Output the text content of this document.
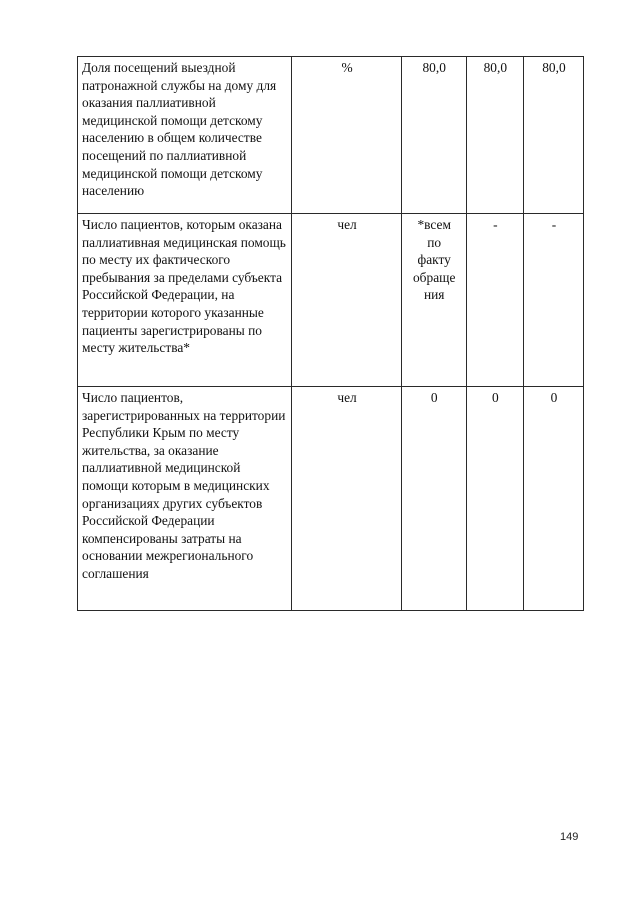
Доля посещений выездной патронажной службы на дому для оказания паллиативной медицинской помощи детскому населению в общем количестве посещений по паллиативной медицинской помощи детскому населению	%	80,0	80,0	80,0
Число пациентов, которым оказана паллиативная медицинская помощь по месту их фактического пребывания за пределами субъекта Российской Федерации, на территории которого указанные пациенты зарегистрированы по месту жительства*	чел	*всем по факту обращения	-	-
Число пациентов, зарегистрированных на территории Республики Крым по месту жительства, за оказание паллиативной медицинской помощи которым в медицинских организациях других субъектов Российской Федерации компенсированы затраты на основании межрегионального соглашения	чел	0	0	0
149
